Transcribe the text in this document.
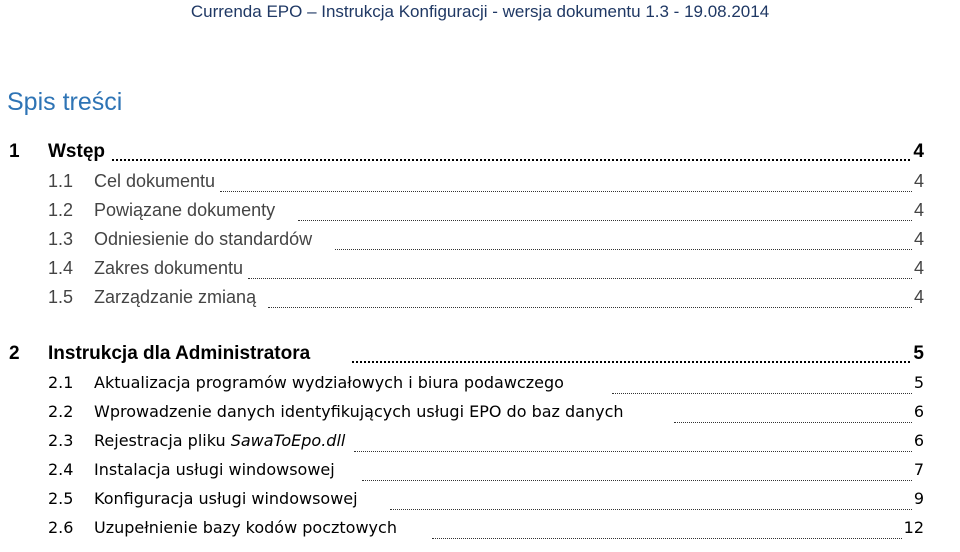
Currenda EPO – Instrukcja Konfiguracji - wersja dokumentu 1.3 - 19.08.2014
Spis treści
1 Wstęp	4
1.1 Cel dokumentu	4
1.2 Powiązane dokumenty	4
1.3 Odniesienie do standardów	4
1.4 Zakres dokumentu	4
1.5 Zarządzanie zmianą	4
2 Instrukcja dla Administratora	5
2.1 Aktualizacja programów wydziałowych i biura podawczego	5
2.2 Wprowadzenie danych identyfikujących usługi EPO do baz danych	6
2.3 Rejestracja pliku SawaToEpo.dll	6
2.4 Instalacja usługi windowsowej	7
2.5 Konfiguracja usługi windowsowej	9
2.6 Uzupełnienie bazy kodów pocztowych	12
